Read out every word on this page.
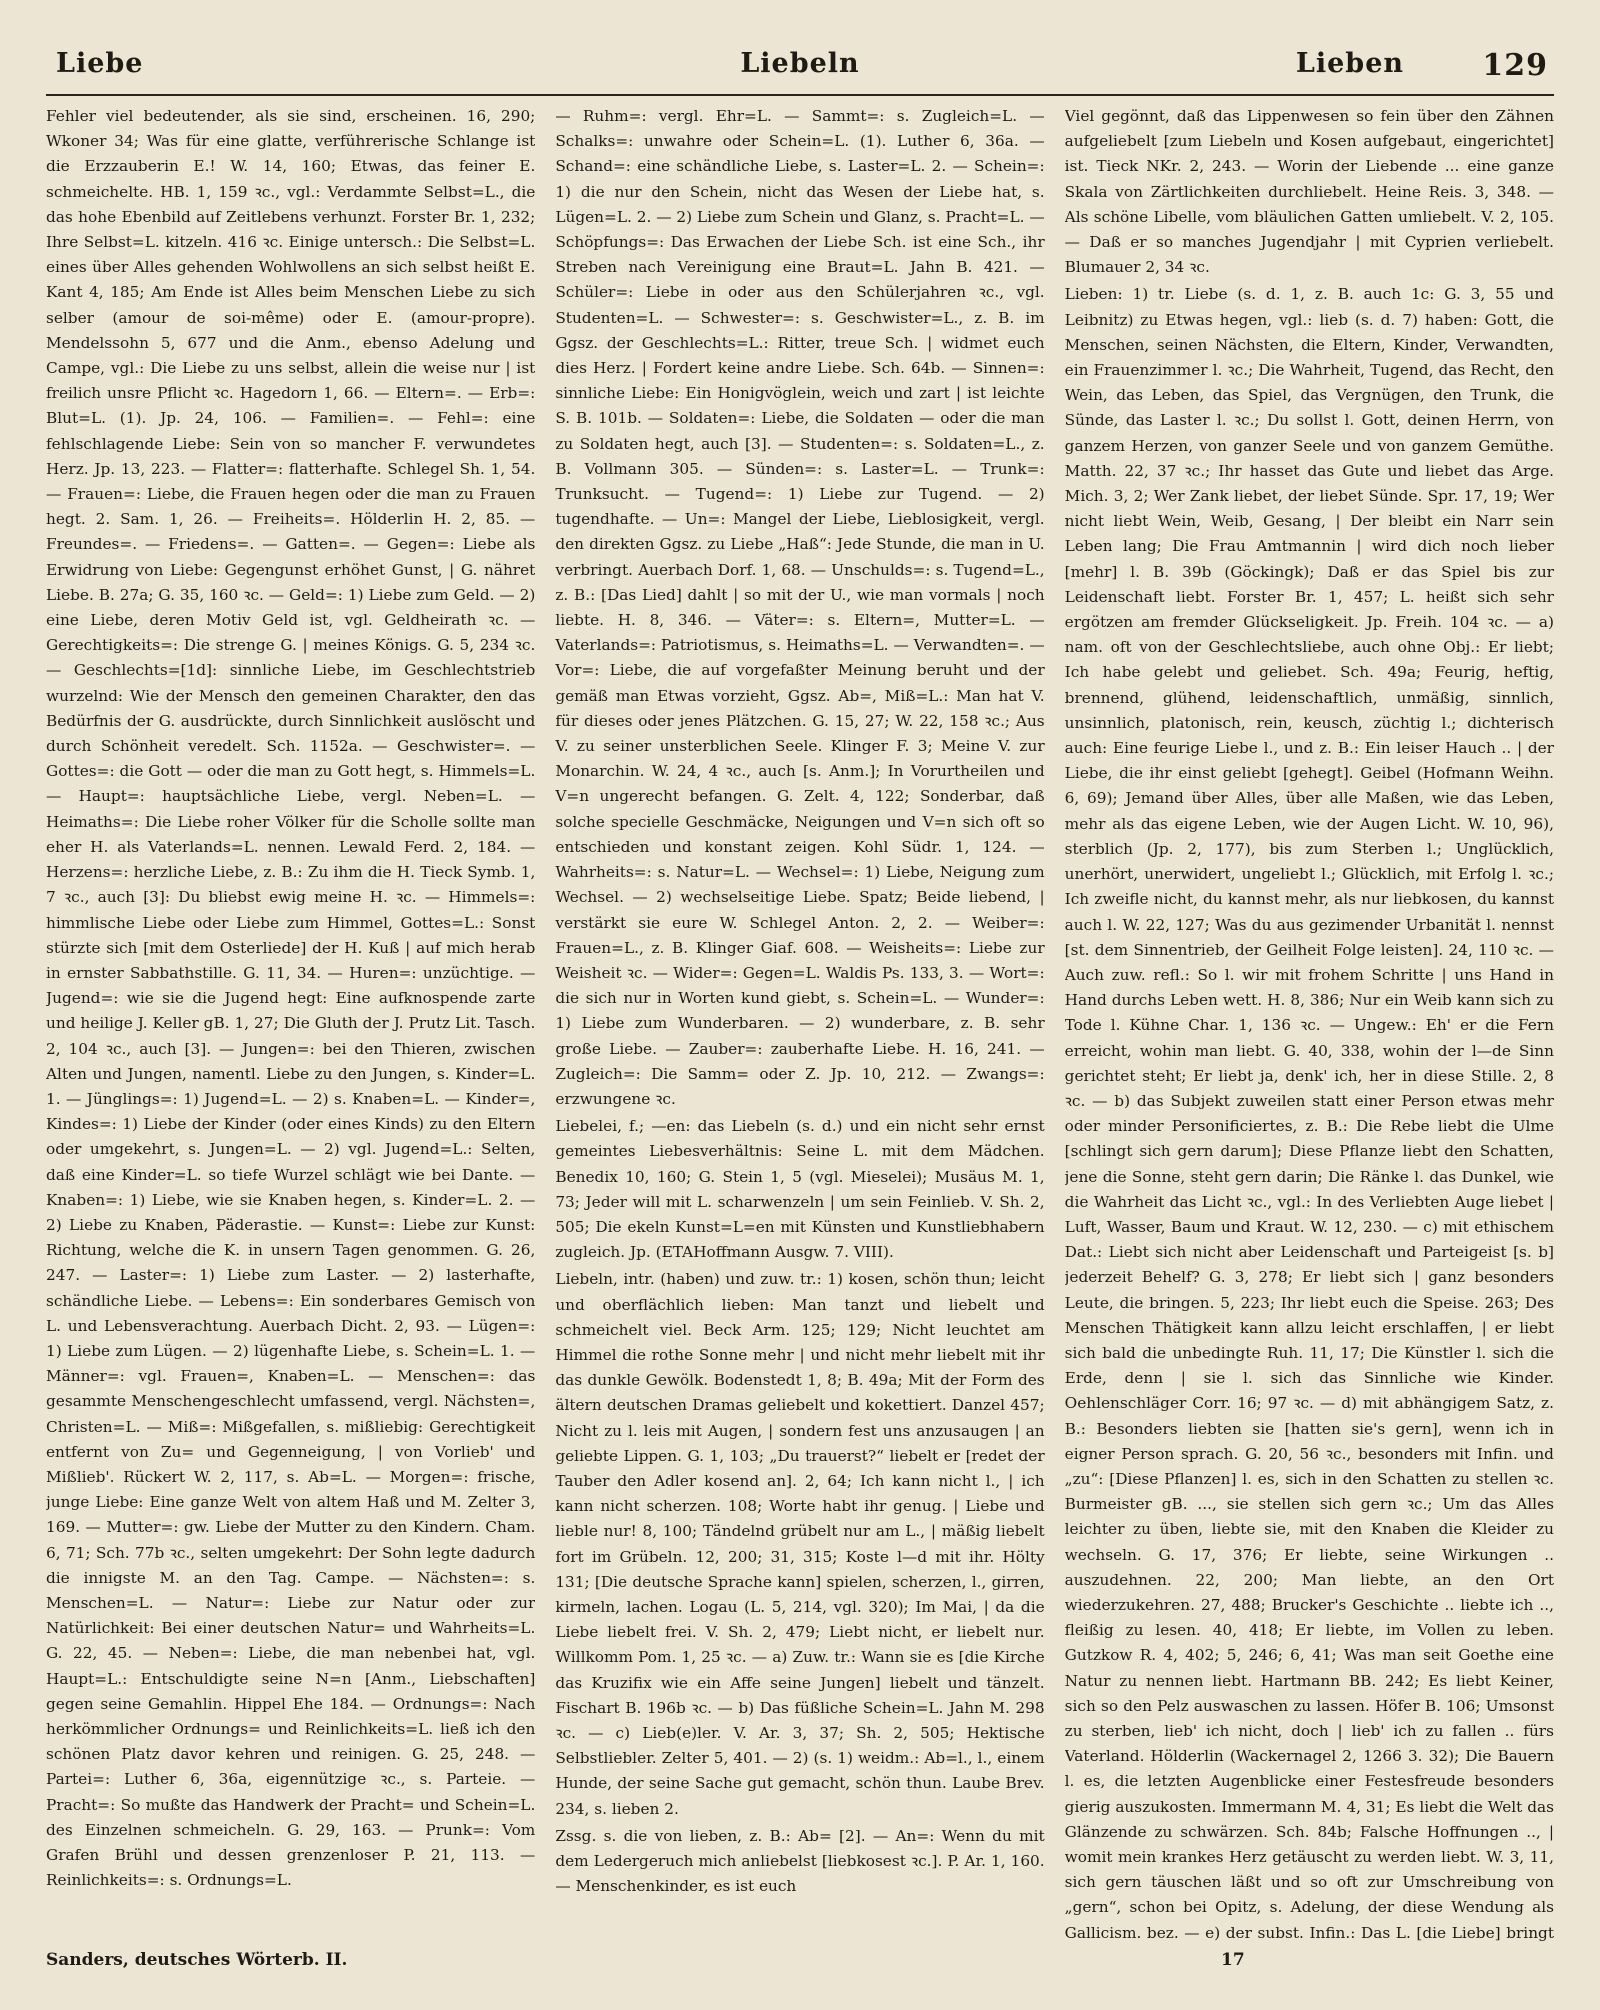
Liebe	Liebeln	Lieben	129

Fehler viel bedeutender, als sie sind, erscheinen. 16, 290; Wkoner 34; Was für eine glatte, verführerische Schlange ist die Erzzauberin E.! W. 14, 160; Etwas, das feiner E. schmeichelte. HB. 1, 159 ꝛc., vgl.: Verdammte Selbst=L., die das hohe Ebenbild auf Zeitlebens verhunzt. Forster Br. 1, 232; Ihre Selbst=L. kitzeln. 416 ꝛc. Einige untersch.: Die Selbst=L. eines über Alles gehenden Wohlwollens an sich selbst heißt E. Kant 4, 185; Am Ende ist Alles beim Menschen Liebe zu sich selber (amour de soi-même) oder E. (amour-propre). Mendelssohn 5, 677 und die Anm., ebenso Adelung und Campe, vgl.: Die Liebe zu uns selbst, allein die weise nur | ist freilich unsre Pflicht ꝛc. Hagedorn 1, 66. — Eltern=. — Erb=: Blut=L. (1). Jp. 24, 106. — Famili̇en=. — Fehl=: eine fehlschlagende Liebe: Sein von so mancher F. verwundetes Herz. Jp. 13, 223. — Flatter=: flatterhafte. Schlegel Sh. 1, 54. — Frauen=: Liebe, die Frauen hegen oder die man zu Frauen hegt. 2. Sam. 1, 26. — Freiheits=. Hölderlin H. 2, 85. — Freundes=. — Friedens=. — Gatten=. — Gegen=: Liebe als Erwidrung von Liebe: Gegengunst erhöhet Gunst, | G. nähret Liebe. B. 27a; G. 35, 160 ꝛc. — Geld=: 1) Liebe zum Geld. — 2) eine Liebe, deren Motiv Geld ist, vgl. Geldheirath ꝛc. — Gerechtigkeits=: Die strenge G. | meines Königs. G. 5, 234 ꝛc. — Geschlechts=[1d]: sinnliche Liebe, im Geschlechtstrieb wurzelnd: Wie der Mensch den gemeinen Charakter, den das Bedürfnis der G. ausdrückte, durch Sinnlichkeit auslöscht und durch Schönheit veredelt. Sch. 1152a. — Geschwister=. — Gottes=: die Gott — oder die man zu Gott hegt, s. Himmels=L. — Haupt=: hauptsächliche Liebe, vergl. Neben=L. — Heimaths=: Die Liebe roher Völker für die Scholle sollte man eher H. als Vaterlands=L. nennen. Lewald Ferd. 2, 184. — Herzens=: herzliche Liebe, z. B.: Zu ihm die H. Tieck Symb. 1, 7 ꝛc., auch [3]: Du bliebst ewig meine H. ꝛc. — Himmels=: himmlische Liebe oder Liebe zum Himmel, Gottes=L.: Sonst stürzte sich [mit dem Osterliede] der H. Kuß | auf mich herab in ernster Sabbathstille. G. 11, 34. — Huren=: unzüchtige. — Jugend=: wie sie die Jugend hegt: Eine aufknospende zarte und heilige J. Keller gB. 1, 27; Die Gluth der J. Prutz Lit. Tasch. 2, 104 ꝛc., auch [3]. — Jungen=: bei den Thieren, zwischen Alten und Jungen, namentl. Liebe zu den Jungen, s. Kinder=L. 1. — Jünglings=: 1) Jugend=L. — 2) s. Knaben=L. — Kinder=, Kindes=: 1) Liebe der Kinder (oder eines Kinds) zu den Eltern oder umgekehrt, s. Jungen=L. — 2) vgl. Jugend=L.: Selten, daß eine Kinder=L. so tiefe Wurzel schlägt wie bei Dante. — Knaben=: 1) Liebe, wie sie Knaben hegen, s. Kinder=L. 2. — 2) Liebe zu Knaben, Päderastie. — Kunst=: Liebe zur Kunst: Richtung, welche die K. in unsern Tagen genommen. G. 26, 247. — Laster=: 1) Liebe zum Laster. — 2) lasterhafte, schändliche Liebe. — Lebens=: Ein sonderbares Gemisch von L. und Lebensverachtung. Auerbach Dicht. 2, 93. — Lügen=: 1) Liebe zum Lügen. — 2) lügenhafte Liebe, s. Schein=L. 1. — Männer=: vgl. Frauen=, Knaben=L. — Menschen=: das gesammte Menschengeschlecht umfassend, vergl. Nächsten=, Christen=L. — Miß=: Mißgefallen, s. mißliebig: Gerechtigkeit entfernt von Zu= und Gegenneigung, | von Vorlieb' und Mißlieb'. Rückert W. 2, 117, s. Ab=L. — Morgen=: frische, junge Liebe: Eine ganze Welt von altem Haß und M. Zelter 3, 169. — Mutter=: gw. Liebe der Mutter zu den Kindern. Cham. 6, 71; Sch. 77b ꝛc., selten umgekehrt: Der Sohn legte dadurch die innigste M. an den Tag. Campe. — Nächsten=: s. Menschen=L. — Natur=: Liebe zur Natur oder zur Natürlichkeit: Bei einer deutschen Natur= und Wahrheits=L. G. 22, 45. — Neben=: Liebe, die man nebenbei hat, vgl. Haupt=L.: Entschuldigte seine N=n [Anm., Liebschaften] gegen seine Gemahlin. Hippel Ehe 184. — Ordnungs=: Nach herkömmlicher Ordnungs= und Reinlichkeits=L. ließ ich den schönen Platz davor kehren und reinigen. G. 25, 248. — Partei=: Luther 6, 36a, eigennützige ꝛc., s. Parteie. — Pracht=: So mußte das Handwerk der Pracht= und Schein=L. des Einzelnen schmeicheln. G. 29, 163. — Prunk=: Vom Grafen Brühl und dessen grenzenloser P. 21, 113. — Reinlichkeits=: s. Ordnungs=L.

— Ruhm=: vergl. Ehr=L. — Sammt=: s. Zugleich=L. — Schalks=: unwahre oder Schein=L. (1). Luther 6, 36a. — Schand=: eine schändliche Liebe, s. Laster=L. 2. — Schein=: 1) die nur den Schein, nicht das Wesen der Liebe hat, s. Lügen=L. 2. — 2) Liebe zum Schein und Glanz, s. Pracht=L. — Schöpfungs=: Das Erwachen der Liebe Sch. ist eine Sch., ihr Streben nach Vereinigung eine Braut=L. Jahn B. 421. — Schüler=: Liebe in oder aus den Schülerjahren ꝛc., vgl. Studenten=L. — Schwester=: s. Geschwister=L., z. B. im Ggsz. der Geschlechts=L.: Ritter, treue Sch. | widmet euch dies Herz. | Fordert keine andre Liebe. Sch. 64b. — Sinnen=: sinnliche Liebe: Ein Honigvöglein, weich und zart | ist leichte S. B. 101b. — Soldaten=: Liebe, die Soldaten — oder die man zu Soldaten hegt, auch [3]. — Studenten=: s. Soldaten=L., z. B. Vollmann 305. — Sünden=: s. Laster=L. — Trunk=: Trunksucht. — Tugend=: 1) Liebe zur Tugend. — 2) tugendhafte. — Un=: Mangel der Liebe, Lieblosigkeit, vergl. den direkten Ggsz. zu Liebe „Haß“: Jede Stunde, die man in U. verbringt. Auerbach Dorf. 1, 68. — Unschulds=: s. Tugend=L., z. B.: [Das Lied] dahlt | so mit der U., wie man vormals | noch liebte. H. 8, 346. — Väter=: s. Eltern=, Mutter=L. — Vaterlands=: Patriotismus, s. Heimaths=L. — Verwandten=. — Vor=: Liebe, die auf vorgefaßter Meinung beruht und der gemäß man Etwas vorzieht, Ggsz. Ab=, Miß=L.: Man hat V. für dieses oder jenes Plätzchen. G. 15, 27; W. 22, 158 ꝛc.; Aus V. zu seiner unsterblichen Seele. Klinger F. 3; Meine V. zur Monarchin. W. 24, 4 ꝛc., auch [s. Anm.]; In Vorurtheilen und V=n ungerecht befangen. G. Zelt. 4, 122; Sonderbar, daß solche specielle Geschmäcke, Neigungen und V=n sich oft so entschieden und konstant zeigen. Kohl Südr. 1, 124. — Wahrheits=: s. Natur=L. — Wechsel=: 1) Liebe, Neigung zum Wechsel. — 2) wechselseitige Liebe. Spatz; Beide liebend, | verstärkt sie eure W. Schlegel Anton. 2, 2. — Weiber=: Frauen=L., z. B. Klinger Giaf. 608. — Weisheits=: Liebe zur Weisheit ꝛc. — Wider=: Gegen=L. Waldis Ps. 133, 3. — Wort=: die sich nur in Worten kund giebt, s. Schein=L. — Wunder=: 1) Liebe zum Wunderbaren. — 2) wunderbare, z. B. sehr große Liebe. — Zauber=: zauberhafte Liebe. H. 16, 241. — Zugleich=: Die Samm= oder Z. Jp. 10, 212. — Zwangs=: erzwungene ꝛc.

Liebelei, f.; —en: das Liebeln (s. d.) und ein nicht sehr ernst gemeintes Liebesverhältnis: Seine L. mit dem Mädchen. Benedix 10, 160; G. Stein 1, 5 (vgl. Mieselei); Musäus M. 1, 73; Jeder will mit L. scharwenzeln | um sein Feinlieb. V. Sh. 2, 505; Die ekeln Kunst=L=en mit Künsten und Kunstliebhabern zugleich. Jp. (ETAHoffmann Ausgw. 7. VIII).

Liebeln, intr. (haben) und zuw. tr.: 1) kosen, schön thun; leicht und oberflächlich lieben: Man tanzt und liebelt und schmeichelt viel. Beck Arm. 125; 129; Nicht leuchtet am Himmel die rothe Sonne mehr | und nicht mehr liebelt mit ihr das dunkle Gewölk. Bodenstedt 1, 8; B. 49a; Mit der Form des ältern deutschen Dramas geliebelt und kokettiert. Danzel 457; Nicht zu l. leis mit Augen, | sondern fest uns anzusaugen | an geliebte Lippen. G. 1, 103; „Du trauerst?“ liebelt er [redet der Tauber den Adler kosend an]. 2, 64; Ich kann nicht l., | ich kann nicht scherzen. 108; Worte habt ihr genug. | Liebe und lieble nur! 8, 100; Tändelnd grübelt nur am L., | mäßig liebelt fort im Grübeln. 12, 200; 31, 315; Koste l—d mit ihr. Hölty 131; [Die deutsche Sprache kann] spielen, scherzen, l., girren, kirmeln, lachen. Logau (L. 5, 214, vgl. 320); Im Mai, | da die Liebe liebelt frei. V. Sh. 2, 479; Liebt nicht, er liebelt nur. Willkomm Pom. 1, 25 ꝛc. — a) Zuw. tr.: Wann sie es [die Kirche das Kruzifix wie ein Affe seine Jungen] liebelt und tänzelt. Fischart B. 196b ꝛc. — b) Das füßliche Schein=L. Jahn M. 298 ꝛc. — c) Lieb(e)ler. V. Ar. 3, 37; Sh. 2, 505; Hektische Selbstliebler. Zelter 5, 401. — 2) (s. 1) weidm.: Ab=l., l., einem Hunde, der seine Sache gut gemacht, schön thun. Laube Brev. 234, s. lieben 2.

Zssg. s. die von lieben, z. B.: Ab= [2]. — An=: Wenn du mit dem Ledergeruch mich anliebelst [liebkosest ꝛc.]. P. Ar. 1, 160. — Menschenkinder, es ist euch

Viel gegönnt, daß das Lippenwesen so fein über den Zähnen aufgeliebelt [zum Liebeln und Kosen aufgebaut, eingerichtet] ist. Tieck NKr. 2, 243. — Worin der Liebende ... eine ganze Skala von Zärtlichkeiten durchliebelt. Heine Reis. 3, 348. — Als schöne Libelle, vom bläulichen Gatten umliebelt. V. 2, 105. — Daß er so manches Jugendjahr | mit Cyprien verliebelt. Blumauer 2, 34 ꝛc.

Lieben: 1) tr. Liebe (s. d. 1, z. B. auch 1c: G. 3, 55 und Leibnitz) zu Etwas hegen, vgl.: lieb (s. d. 7) haben: Gott, die Menschen, seinen Nächsten, die Eltern, Kinder, Verwandten, ein Frauenzimmer l. ꝛc.; Die Wahrheit, Tugend, das Recht, den Wein, das Leben, das Spiel, das Vergnügen, den Trunk, die Sünde, das Laster l. ꝛc.; Du sollst l. Gott, deinen Herrn, von ganzem Herzen, von ganzer Seele und von ganzem Gemüthe. Matth. 22, 37 ꝛc.; Ihr hasset das Gute und liebet das Arge. Mich. 3, 2; Wer Zank liebet, der liebet Sünde. Spr. 17, 19; Wer nicht liebt Wein, Weib, Gesang, | Der bleibt ein Narr sein Leben lang; Die Frau Amtmannin | wird dich noch lieber [mehr] l. B. 39b (Göckingk); Daß er das Spiel bis zur Leidenschaft liebt. Forster Br. 1, 457; L. heißt sich sehr ergötzen am fremder Glückseligkeit. Jp. Freih. 104 ꝛc. — a) nam. oft von der Geschlechtsliebe, auch ohne Obj.: Er liebt; Ich habe gelebt und geliebet. Sch. 49a; Feurig, heftig, brennend, glühend, leidenschaftlich, unmäßig, sinnlich, unsinnlich, platonisch, rein, keusch, züchtig l.; dichterisch auch: Eine feurige Liebe l., und z. B.: Ein leiser Hauch .. | der Liebe, die ihr einst geliebt [gehegt]. Geibel (Hofmann Weihn. 6, 69); Jemand über Alles, über alle Maßen, wie das Leben, mehr als das eigene Leben, wie der Augen Licht. W. 10, 96), sterblich (Jp. 2, 177), bis zum Sterben l.; Unglücklich, unerhört, unerwidert, ungeliebt l.; Glücklich, mit Erfolg l. ꝛc.; Ich zweifle nicht, du kannst mehr, als nur liebkosen, du kannst auch l. W. 22, 127; Was du aus gezimender Urbanität l. nennst [st. dem Sinnentrieb, der Geilheit Folge leisten]. 24, 110 ꝛc. — Auch zuw. refl.: So l. wir mit frohem Schritte | uns Hand in Hand durchs Leben wett. H. 8, 386; Nur ein Weib kann sich zu Tode l. Kühne Char. 1, 136 ꝛc. — Ungew.: Eh' er die Fern erreicht, wohin man liebt. G. 40, 338, wohin der l—de Sinn gerichtet steht; Er liebt ja, denk' ich, her in diese Stille. 2, 8 ꝛc. — b) das Subjekt zuweilen statt einer Person etwas mehr oder minder Personificiertes, z. B.: Die Rebe liebt die Ulme [schlingt sich gern darum]; Diese Pflanze liebt den Schatten, jene die Sonne, steht gern darin; Die Ränke l. das Dunkel, wie die Wahrheit das Licht ꝛc., vgl.: In des Verliebten Auge liebet | Luft, Wasser, Baum und Kraut. W. 12, 230. — c) mit ethischem Dat.: Liebt sich nicht aber Leidenschaft und Parteigeist [s. b] jederzeit Behelf? G. 3, 278; Er liebt sich | ganz besonders Leute, die bringen. 5, 223; Ihr liebt euch die Speise. 263; Des Menschen Thätigkeit kann allzu leicht erschlaffen, | er liebt sich bald die unbedingte Ruh. 11, 17; Die Künstler l. sich die Erde, denn | sie l. sich das Sinnliche wie Kinder. Oehlenschläger Corr. 16; 97 ꝛc. — d) mit abhängigem Satz, z. B.: Besonders liebten sie [hatten sie's gern], wenn ich in eigner Person sprach. G. 20, 56 ꝛc., besonders mit Infin. und „zu“: [Diese Pflanzen] l. es, sich in den Schatten zu stellen ꝛc. Burmeister gB. ..., sie stellen sich gern ꝛc.; Um das Alles leichter zu üben, liebte sie, mit den Knaben die Kleider zu wechseln. G. 17, 376; Er liebte, seine Wirkungen .. auszudehnen. 22, 200; Man liebte, an den Ort wiederzukehren. 27, 488; Brucker's Geschichte .. liebte ich .., fleißig zu lesen. 40, 418; Er liebte, im Vollen zu leben. Gutzkow R. 4, 402; 5, 246; 6, 41; Was man seit Goethe eine Natur zu nennen liebt. Hartmann BB. 242; Es liebt Keiner, sich so den Pelz auswaschen zu lassen. Höfer B. 106; Umsonst zu sterben, lieb' ich nicht, doch | lieb' ich zu fallen .. fürs Vaterland. Hölderlin (Wackernagel 2, 1266 3. 32); Die Bauern l. es, die letzten Augenblicke einer Festesfreude besonders gierig auszukosten. Immermann M. 4, 31; Es liebt die Welt das Glänzende zu schwärzen. Sch. 84b; Falsche Hoffnungen .., | womit mein krankes Herz getäuscht zu werden liebt. W. 3, 11, sich gern täuschen läßt und so oft zur Umschreibung von „gern“, schon bei Opitz, s. Adelung, der diese Wendung als Gallicism. bez. — e) der subst. Infin.: Das L. [die Liebe] bringt

Sanders, deutsches Wörterb. II.	17
